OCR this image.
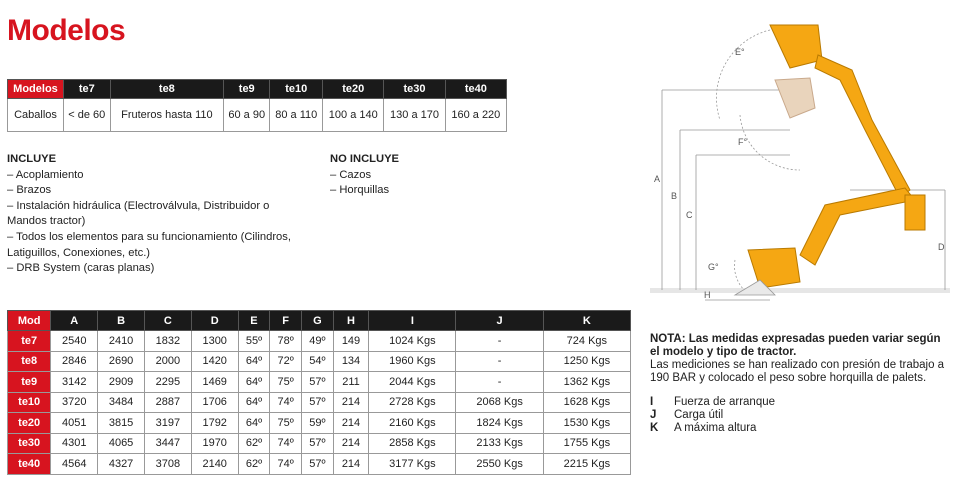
Modelos
Modelos	te7	te8	te9	te10	te20	te30	te40
Caballos	< de 60	Fruteros hasta 110	60 a 90	80 a 110	100 a 140	130 a 170	160 a 220
INCLUYE
– Acoplamiento
– Brazos
– Instalación hidráulica (Electroválvula, Distribuidor o Mandos tractor)
– Todos los elementos para su funcionamiento (Cilindros, Latiguillos, Conexiones, etc.)
– DRB System (caras planas)
NO INCLUYE
– Cazos
– Horquillas
Mod	A	B	C	D	E	F	G	H	I	J	K
te7	2540	2410	1832	1300	55º	78º	49º	149	1024 Kgs	-	724 Kgs
te8	2846	2690	2000	1420	64º	72º	54º	134	1960 Kgs	-	1250 Kgs
te9	3142	2909	2295	1469	64º	75º	57º	211	2044 Kgs	-	1362 Kgs
te10	3720	3484	2887	1706	64º	74º	57º	214	2728 Kgs	2068 Kgs	1628 Kgs
te20	4051	3815	3197	1792	64º	75º	59º	214	2160 Kgs	1824 Kgs	1530 Kgs
te30	4301	4065	3447	1970	62º	74º	57º	214	2858 Kgs	2133 Kgs	1755 Kgs
te40	4564	4327	3708	2140	62º	74º	57º	214	3177 Kgs	2550 Kgs	2215 Kgs
NOTA: Las medidas expresadas pueden variar según el modelo y tipo de tractor.
Las mediciones se han realizado con presión de trabajo a 190 BAR y colocado el peso sobre horquilla de palets.
I Fuerza de arranque
J Carga útil
K A máxima altura
E°
F°
G°
A
B
C
D
H
